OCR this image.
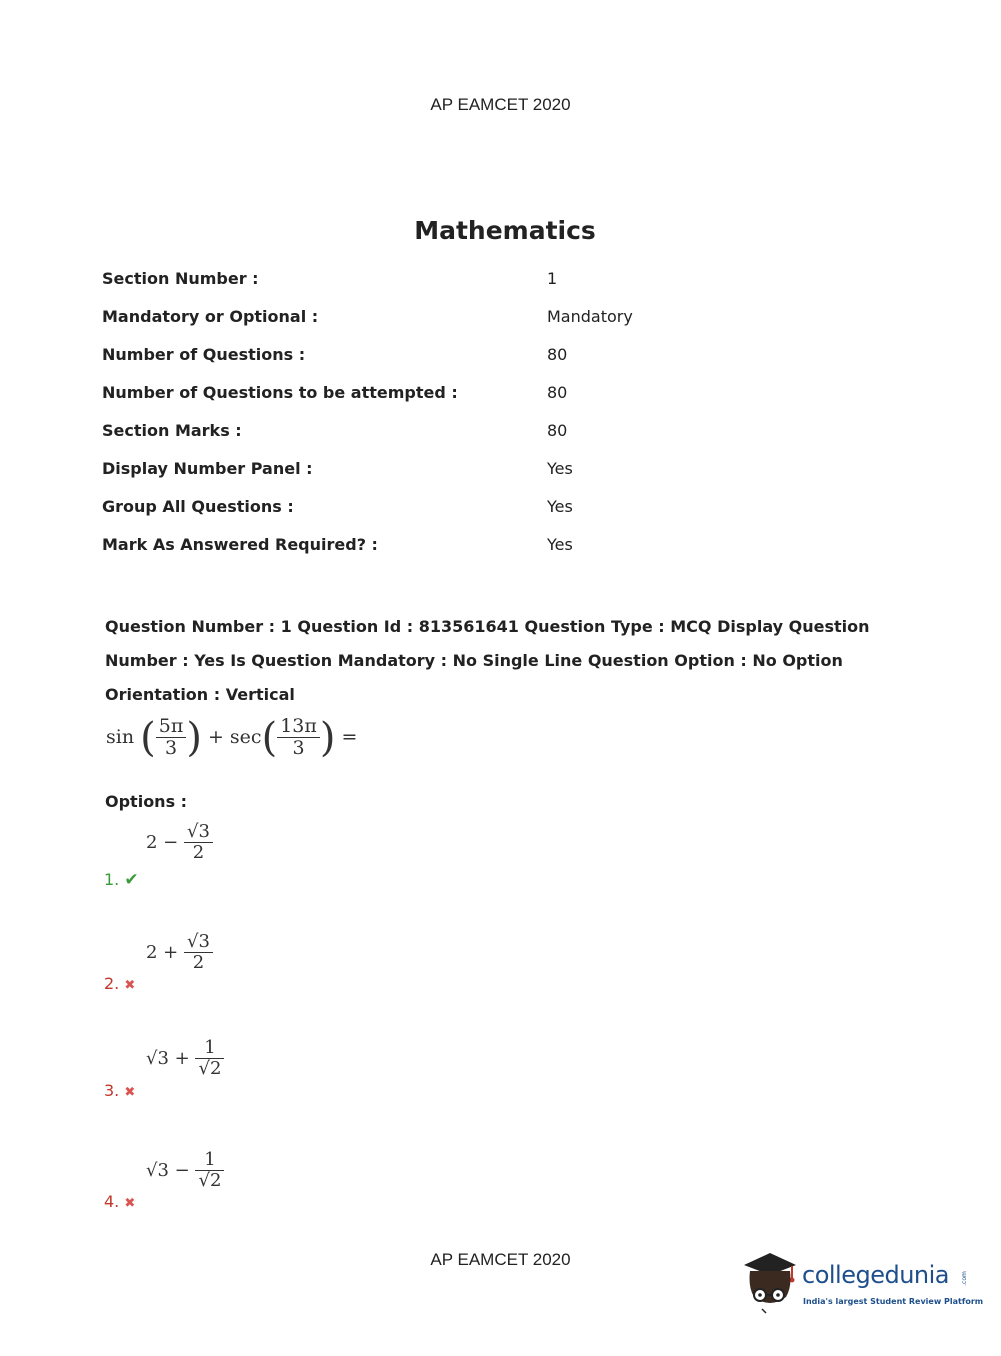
AP EAMCET 2020
Mathematics
Section Number :	1
Mandatory or Optional :	Mandatory
Number of Questions :	80
Number of Questions to be attempted :	80
Section Marks :	80
Display Number Panel :	Yes
Group All Questions :	Yes
Mark As Answered Required? :	Yes
Question Number : 1 Question Id : 813561641 Question Type : MCQ Display Question Number : Yes Is Question Mandatory : No Single Line Question Option : No Option Orientation : Vertical
sin ( $\frac{5\pi}{3}$ ) + $\sec( \frac{13\pi}{3}$ ) =
Options :
1. ✔
$2 - \frac{√3}{2}$
2. ✖
$2 + \frac{√3}{2}$
3. ✖
$√3 + \frac{1}{√2}$
4. ✖
$√3 - \frac{1}{√2}$
AP EAMCET 2020
collegedunia .com
India's largest Student Review Platform
